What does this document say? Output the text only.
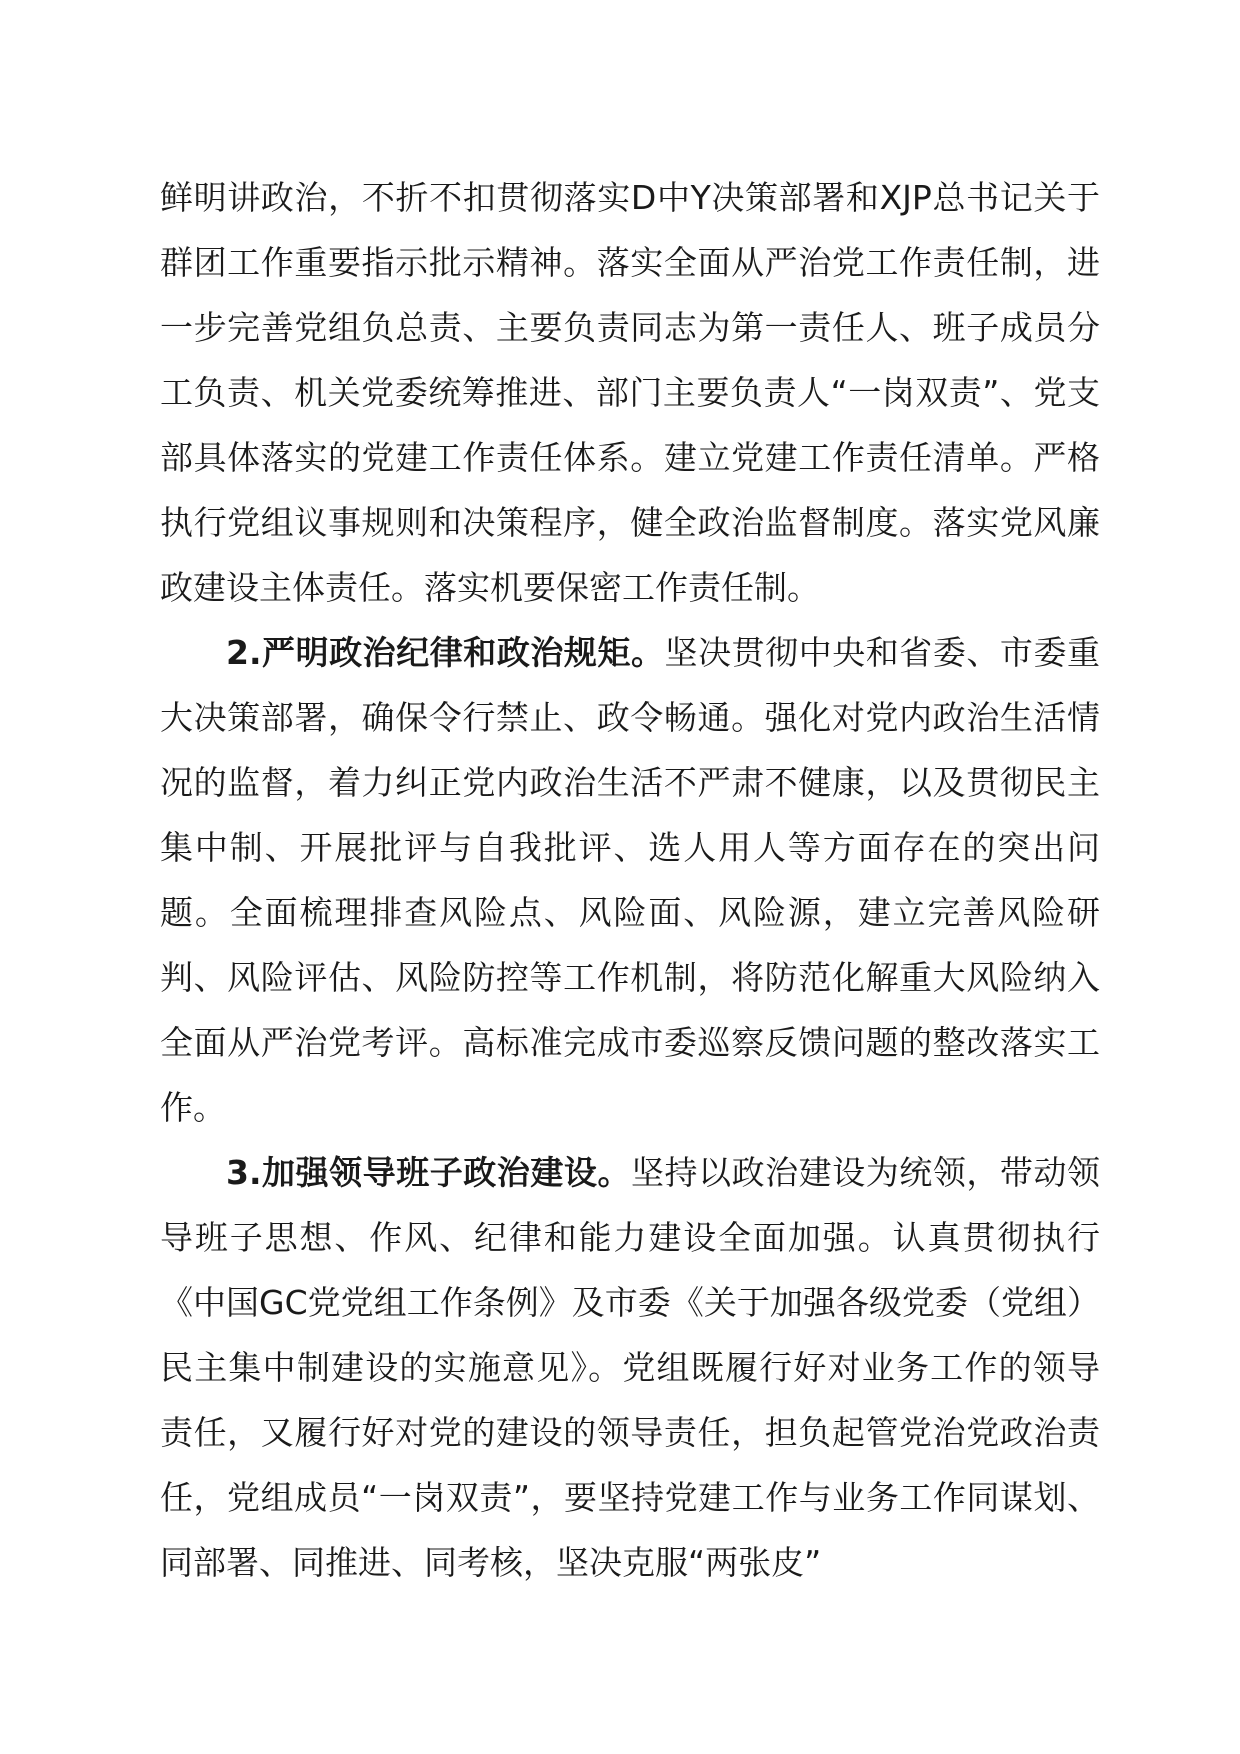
鲜明讲政治，不折不扣贯彻落实D中Y决策部署和XJP总书记关于群团工作重要指示批示精神。落实全面从严治党工作责任制，进一步完善党组负总责、主要负责同志为第一责任人、班子成员分工负责、机关党委统筹推进、部门主要负责人“一岗双责”、党支部具体落实的党建工作责任体系。建立党建工作责任清单。严格执行党组议事规则和决策程序，健全政治监督制度。落实党风廉政建设主体责任。落实机要保密工作责任制。

2.严明政治纪律和政治规矩。坚决贯彻中央和省委、市委重大决策部署，确保令行禁止、政令畅通。强化对党内政治生活情况的监督，着力纠正党内政治生活不严肃不健康，以及贯彻民主集中制、开展批评与自我批评、选人用人等方面存在的突出问题。全面梳理排查风险点、风险面、风险源，建立完善风险研判、风险评估、风险防控等工作机制，将防范化解重大风险纳入全面从严治党考评。高标准完成市委巡察反馈问题的整改落实工作。

3.加强领导班子政治建设。坚持以政治建设为统领，带动领导班子思想、作风、纪律和能力建设全面加强。认真贯彻执行《中国GC党党组工作条例》及市委《关于加强各级党委（党组）民主集中制建设的实施意见》。党组既履行好对业务工作的领导责任，又履行好对党的建设的领导责任，担负起管党治党政治责任，党组成员“一岗双责”，要坚持党建工作与业务工作同谋划、同部署、同推进、同考核，坚决克服“两张皮”
